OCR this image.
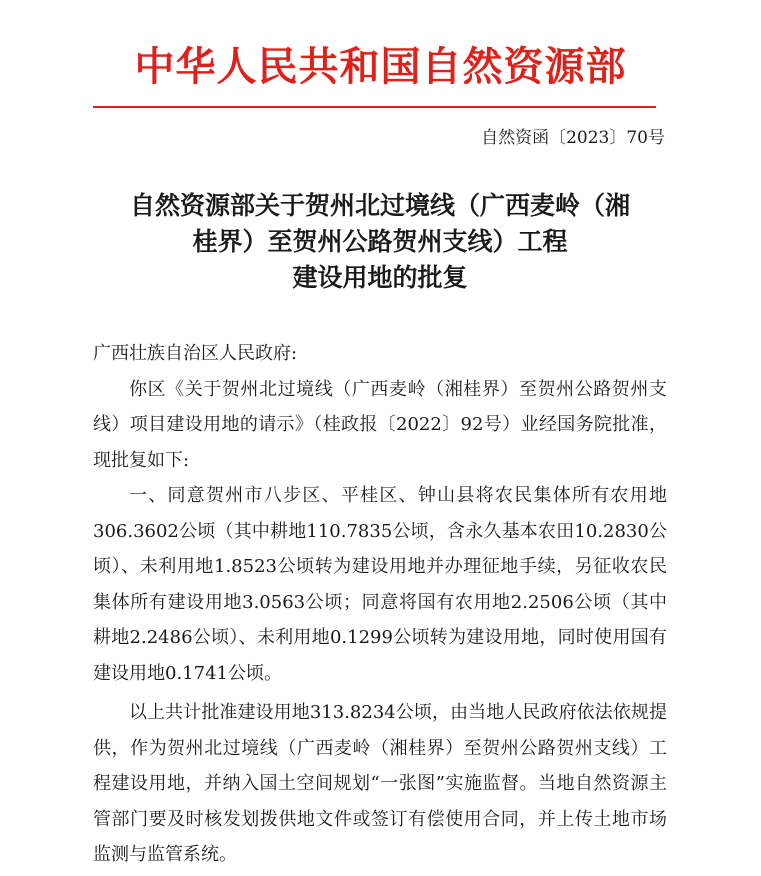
中华人民共和国自然资源部
自然资函〔2023〕70号
自然资源部关于贺州北过境线（广西麦岭（湘
桂界）至贺州公路贺州支线）工程
建设用地的批复

广西壮族自治区人民政府:

你区《关于贺州北过境线（广西麦岭（湘桂界）至贺州公路贺州支线）项目建设用地的请示》（桂政报〔2022〕92号）业经国务院批准，现批复如下:

一、同意贺州市八步区、平桂区、钟山县将农民集体所有农用地306.3602公顷（其中耕地110.7835公顷，含永久基本农田10.2830公顷）、未利用地1.8523公顷转为建设用地并办理征地手续，另征收农民集体所有建设用地3.0563公顷；同意将国有农用地2.2506公顷（其中耕地2.2486公顷）、未利用地0.1299公顷转为建设用地，同时使用国有建设用地0.1741公顷。

以上共计批准建设用地313.8234公顷，由当地人民政府依法依规提供，作为贺州北过境线（广西麦岭（湘桂界）至贺州公路贺州支线）工程建设用地，并纳入国土空间规划“一张图”实施监督。当地自然资源主管部门要及时核发划拨供地文件或签订有偿使用合同，并上传土地市场监测与监管系统。
